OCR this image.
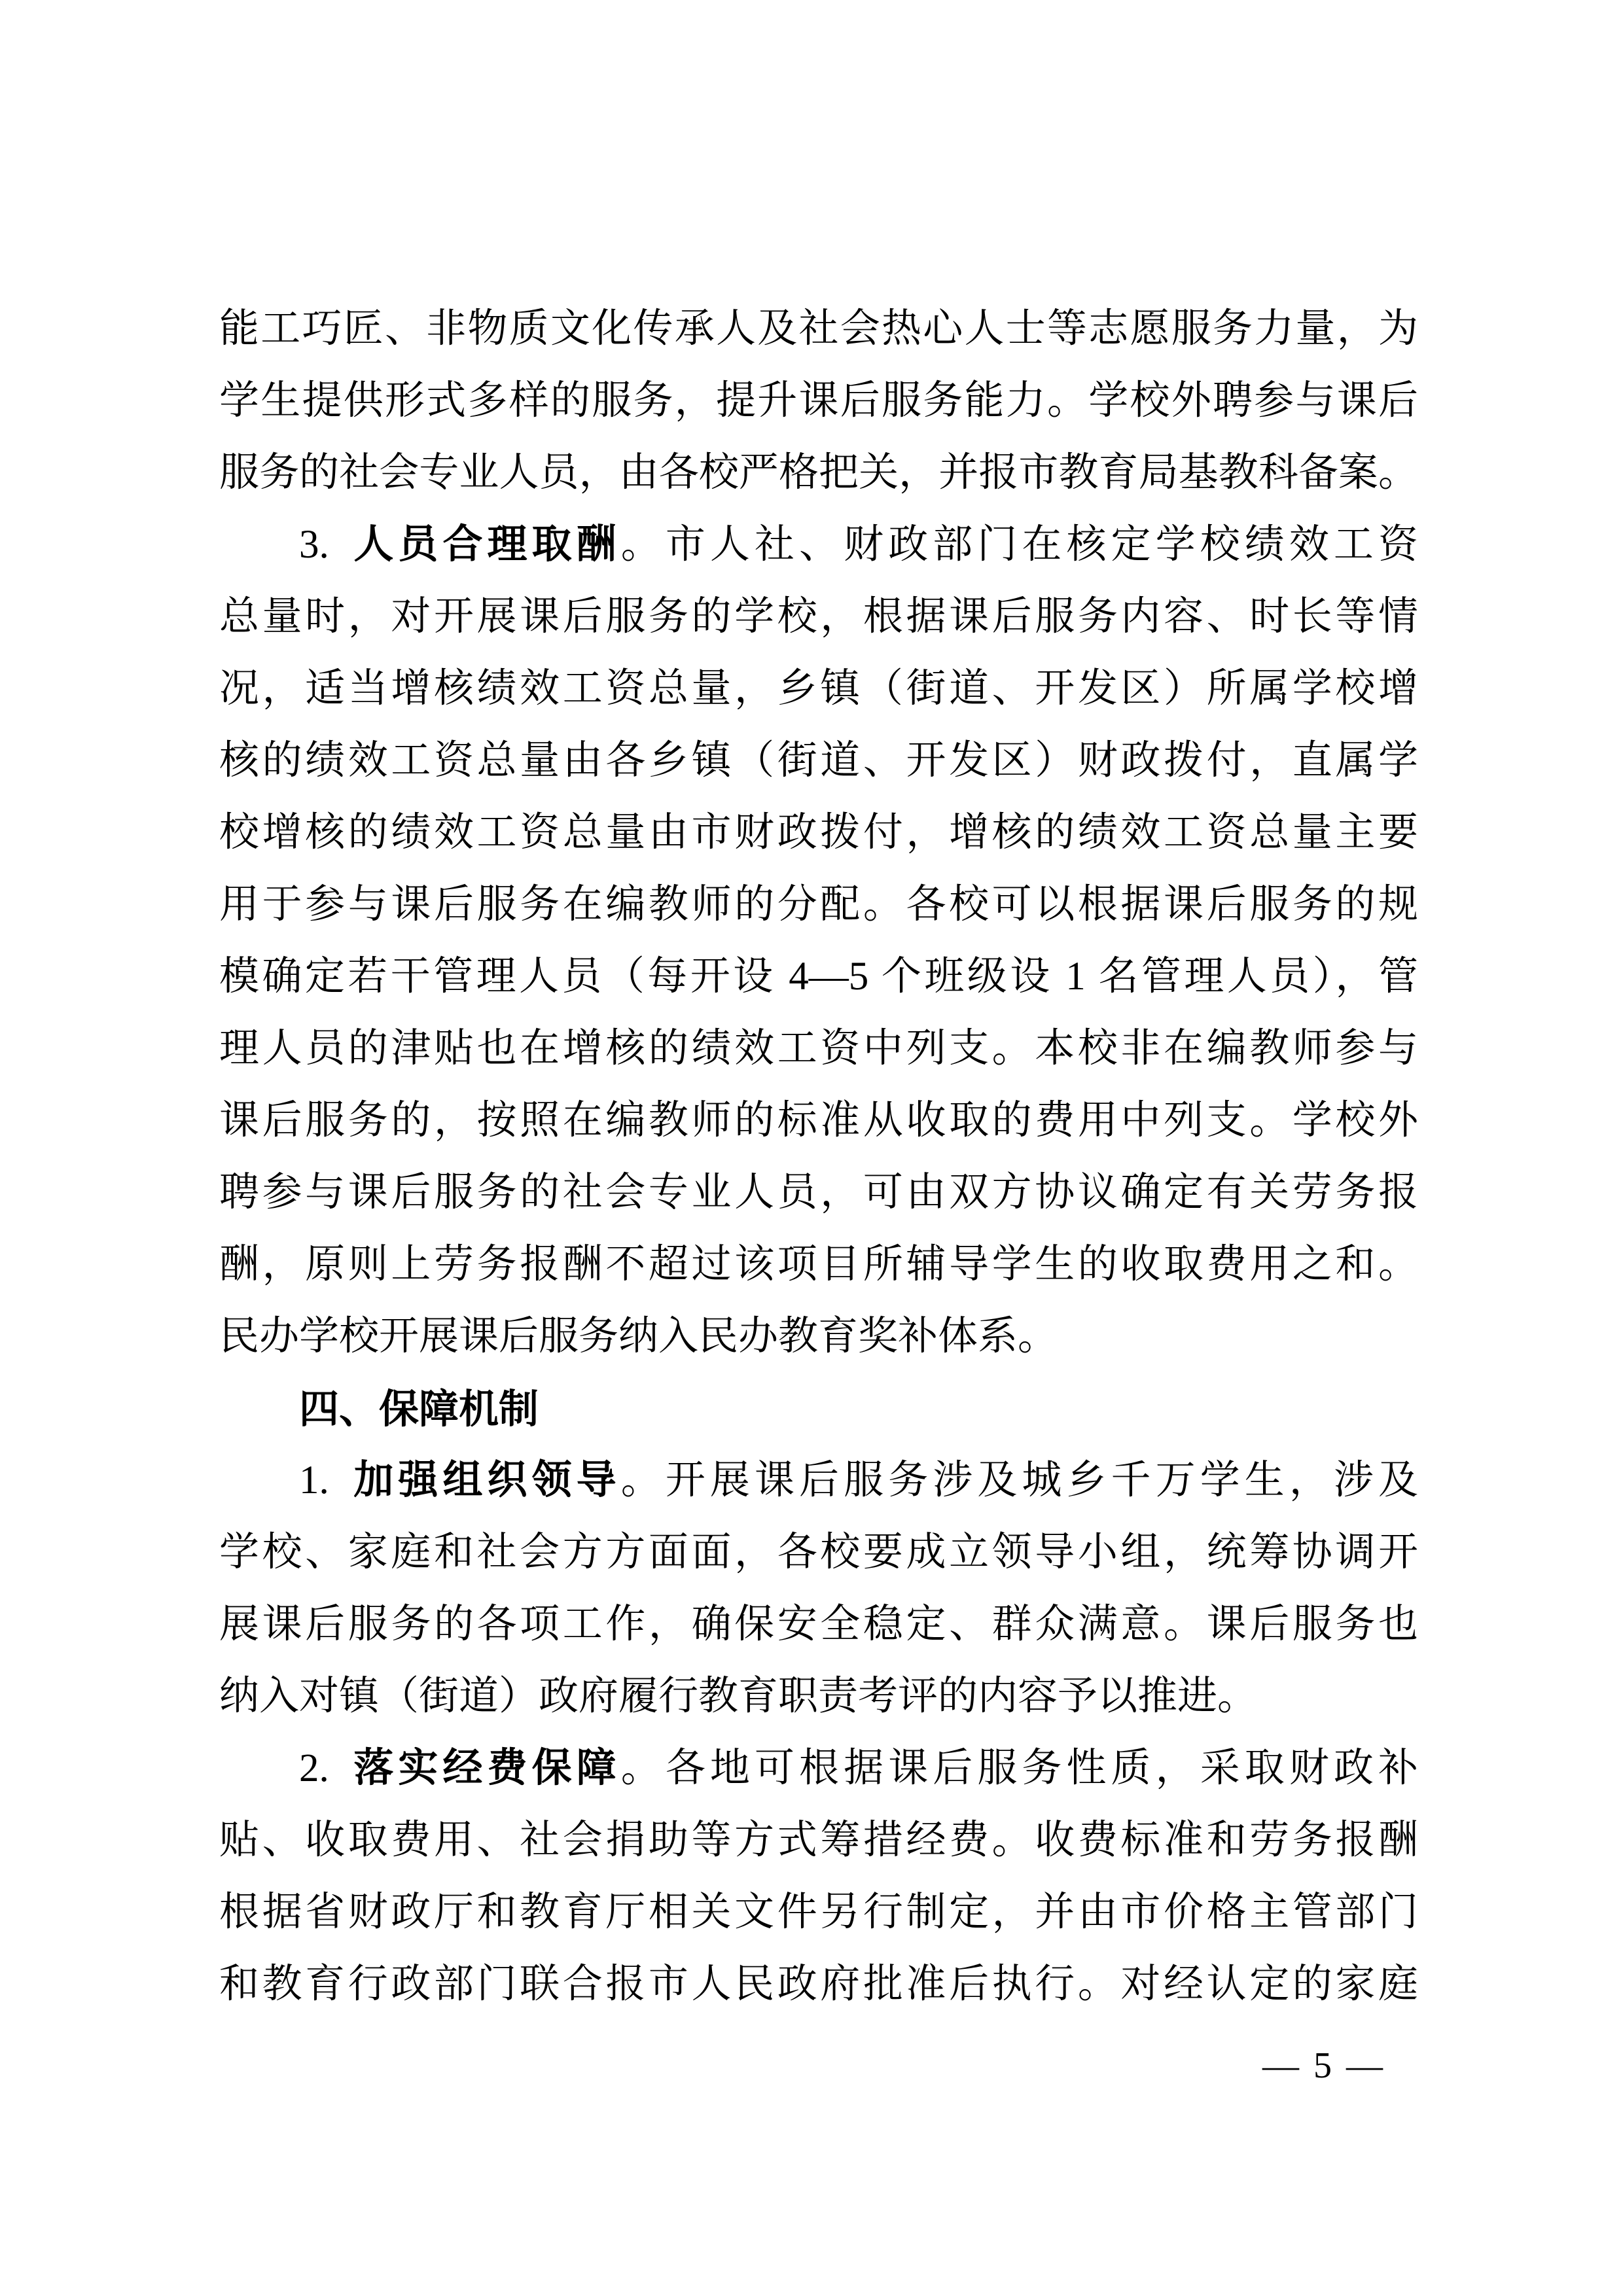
能工巧匠、非物质文化传承人及社会热心人士等志愿服务力量，为
学生提供形式多样的服务，提升课后服务能力。学校外聘参与课后
服务的社会专业人员，由各校严格把关，并报市教育局基教科备案。
3. 人员合理取酬。市人社、财政部门在核定学校绩效工资
总量时，对开展课后服务的学校，根据课后服务内容、时长等情
况，适当增核绩效工资总量，乡镇（街道、开发区）所属学校增
核的绩效工资总量由各乡镇（街道、开发区）财政拨付，直属学
校增核的绩效工资总量由市财政拨付，增核的绩效工资总量主要
用于参与课后服务在编教师的分配。各校可以根据课后服务的规
模确定若干管理人员（每开设 4—5 个班级设 1 名管理人员），管
理人员的津贴也在增核的绩效工资中列支。本校非在编教师参与
课后服务的，按照在编教师的标准从收取的费用中列支。学校外
聘参与课后服务的社会专业人员，可由双方协议确定有关劳务报
酬，原则上劳务报酬不超过该项目所辅导学生的收取费用之和。
民办学校开展课后服务纳入民办教育奖补体系。
四、保障机制
1. 加强组织领导。开展课后服务涉及城乡千万学生，涉及
学校、家庭和社会方方面面，各校要成立领导小组，统筹协调开
展课后服务的各项工作，确保安全稳定、群众满意。课后服务也
纳入对镇（街道）政府履行教育职责考评的内容予以推进。
2. 落实经费保障。各地可根据课后服务性质，采取财政补
贴、收取费用、社会捐助等方式筹措经费。收费标准和劳务报酬
根据省财政厅和教育厅相关文件另行制定，并由市价格主管部门
和教育行政部门联合报市人民政府批准后执行。对经认定的家庭
— 5 —
